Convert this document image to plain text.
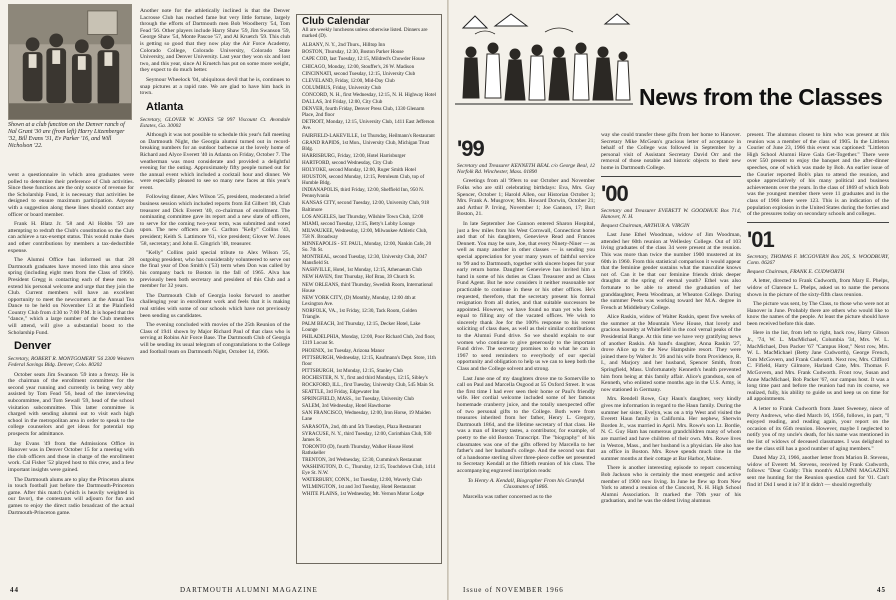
Shown at a club function on the Denver ranch of Nal Grant '30 are (from left) Harry Litzenberger '32, Bill Evans '31, Ev Parker '16, and Will Nicholson '22.

went a questionnaire in which area graduates were polled to determine their preference of Club activities. Since these functions are the only source of revenue for the Scholarship Fund, it is necessary that activities be designed to ensure maximum participation. Anyone with a suggestion along these lines should contact any officer or board member.

Frank H. Blatz Jr. '58 and Al Hobbs '59 are attempting to redraft the Club's constitution so the Club can achieve a tax-exempt status. This would make dues and other contributions by members a tax-deductible expense.

The Alumni Office has informed us that 28 Dartmouth graduates have moved into this area since spring (including eight men from the Class of 1966). President Gregg is contacting each of these men to extend his personal welcome and urge that they join the Club. Current members will have an excellent opportunity to meet the newcomers at the Annual Tea Dance to be held on November 13 at the Plainfield Country Club from 4:30 to 7:00 P.M. It is hoped that the "dance," which a large number of the Club members will attend, will give a substantial boost to the Scholarship Fund.

Denver

Secretary, ROBERT R. MONTGOMERY '56 2300 Western Federal Savings Bldg. Denver, Colo. 80202

October seats Jim Swanson '59 into a frenzy. He is the chairman of the enrollment committee for the second year running and currently is being very ably assisted by Tom Fead '56, head of the interviewing subcommittee, and Tom Sewall '59, head of the school visitation subcommittee. This latter committee is charged with sending alumni out to visit each high school in the metropolitan area in order to speak to the college counselors and get ideas for potential top prospects for admittance.

Jay Evans '49 from the Admissions Office in Hanover was in Denver October 15 for a meeting with the club officers and those in charge of the enrollment work. Cal Fisher '52 played host to this crew, and a few important insights were gained.

The Dartmouth alums are to play the Princeton alums in touch football just before the Dartmouth-Princeton game. After this match (which is heavily weighted in our favor), the contestants will adjourn for fun and games to enjoy the direct radio broadcast of the actual Dartmouth-Princeton game.

Another note for the athletically inclined is that the Denver Lacrosse Club has reached fame but very little fortune, largely through the efforts of Dartmouth men Bob Woodberry '54, Tom Fead '56. Other players include Harry Shaw '59, Jim Swanson '59, George Shaw '54, Monte Pascoe '57, and Al Kruetch '59. This club is getting so good that they now play the Air Force Academy, Colorado College, Colorado University, Colorado State University, and Denver University. Last year they won six and lost two, and this year, since Al Kruetch has put on some more weight, they expect to do much better.

Seymour Wheelock '04, ubiquitous devil that he is, continues to snap pictures at a rapid rate. We are glad to have him back in town.

Atlanta

Secretary, GLOVER W. JONES '58 997 Viscount Ct. Avondale Estates, Ga. 30002

Although it was not possible to schedule this year's fall meeting on Dartmouth Night, the Georgia alumni turned out in record-breaking numbers for an outdoor barbecue at the lovely home of Richard and Alyce Everett '40 in Atlanta on Friday, October 7. The weatherman was most considerate and provided a delightful evening for the outing. Approximately fifty people turned out for the annual event which included a cocktail hour and dinner. We were especially pleased to see so many new faces at this year's event.

Following dinner, Alex Wilson '25, president, moderated a brief business session which included reports from Ed Gilbert '48, Club treasurer and Dick Everett '40, co-chairman of enrollment. The nominating committee gave its report and a new slate of officers, to serve for the coming two-year term, was submitted and voted upon. The new officers are G. Carlton "Kelly" Collins '43, president; Keith S. Lattimore '61, vice president; Glover W. Jones '58, secretary; and John E. Gingrich '48, treasurer.

"Kelly" Collins paid special tribute to Alex Wilson '25, outgoing president, who has considerably volunteered to serve out the final year of Don Smith's ('53) term when Don was called by his company back to Boston in the fall of 1965. Alva has previously been both secretary and president of this Club and a member for 32 years.

The Dartmouth Club of Georgia looks forward to another challenging year in enrollment work and feels that it is making real strides with some of our schools which have not previously been sending us candidates.

The evening concluded with movies of the 25th Reunion of the Class of 1941 shown by Major Richard Paul of that class who is serving at Robins Air Force Base. The Dartmouth Club of Georgia will be sending its usual telegram of congratulations to the College and football team on Dartmouth Night, October 14, 1966.

Club Calendar
All are weekly luncheons unless otherwise listed. Dinners are marked (D).
ALBANY, N. Y., 2nd Thurs., Hilltop Inn
BOSTON, Thursday, 12:30, Boston Parker House
CAPE COD, last Tuesday, 12:15, Mildred's Chowder House
CHICAGO, Monday, 12:00, Stouffer's, 26 W. Madison
CINCINNATI, second Tuesday, 12:15, University Club
CLEVELAND, Friday, 12:00, Mid-Day Club
COLUMBUS, Friday, University Club
CONCORD, N. H., first Wednesday, 12:15, N. H. Highway Hotel
DALLAS, 3rd Friday, 12:00, City Club
DENVER, fourth Friday, Denver Press Club, 1330 Glenarm Place, 2nd floor
DETROIT, Monday, 12:15, University Club, 1411 East Jefferson Ave.
FAIRFIELD-LAKEVILLE, 1st Thursday, Heilmann's Restaurant
GRAND RAPIDS, 1st Mon., University Club, Michigan Trust Bldg.
HARRISBURG, Friday, 12:00, Hotel Harrisburger
HARTFORD, second Wednesday, City Club
HOLYOKE, second Monday, 12:00, Roger Smith Hotel
HOUSTON, second Monday, 12:15, Petroleum Club, top of Humble Bldg.
INDIANAPOLIS, third Friday, 12:00, Sheffield Inn, 950 N. Pennsylvania
KANSAS CITY, second Tuesday, 12:00, University Club, 918 Baltimore
LOS ANGELES, last Thursday, Wilshire Town Club, 12:00
MIAMI, second Tuesday, 12:15, Betty's Lobby Lounge
MILWAUKEE, Wednesday, 12:00, Milwaukee Athletic Club, 758 N. Broadway
MINNEAPOLIS - ST. PAUL, Monday, 12:00, Nankin Cafe, 20 So. 7th St.
MONTREAL, second Tuesday, 12:30, University Club, 2047 Mansfield St.
NASHVILLE, Hotel, 1st Monday, 12:15, Athenaeum Club
NEW HAVEN, first Thursday, Hof Brau, 39 Church St.
NEW ORLEANS, third Thursday, Swedish Room, International House
NEW YORK CITY, (D) Monthly, Monday, 12:00 4th at Lexington Ave.
NORFOLK, VA., 1st Friday, 12:30, Tack Room, Golden Triangle.
PALM BEACH, 3rd Thursday, 12:15, Decker Hotel, Lake Lounge
PHILADELPHIA, Monday, 12:00, Poor Richard Club, 2nd floor, 1319 Locust St.
PHOENIX, 1st Tuesday, Arizona Manor
PITTSBURGH, Wednesday, 12:15, Kaufmann's Dept. Store, 11th floor
PITTSBURGH, 1st Monday, 12:15, Stanley Club
ROCHESTER, N. Y., first and third Mondays, 12:15, Sibley's
ROCKFORD, ILL., first Tuesday, University Club, 545 Main St.
SEATTLE, 3rd Friday, Edgewater Inn
SPRINGFIELD, MASS., 1st Tuesday, University Club
SALEM, 3rd Wednesday, Hotel Hawthorne
SAN FRANCISCO, Wednesday, 12:00, Iron Horse, 19 Maiden Lane
SARASOTA, 2nd, 4th and 5th Tuesdays, Plaza Restaurant
SYRACUSE, N. Y., third Tuesday, 12:00, Corinthian Club, 930 James St.
TORONTO (D), fourth Thursday, Walker House Hotel Rathskeller
TRENTON, 3rd Wednesday, 12:30, Cummins's Restaurant
WASHINGTON, D. C., Thursday, 12:15, Touchdown Club, 1414 Eye St. N.W.
WATERBURY, CONN., 1st Tuesday, 12:00, Waverly Club
WILMINGTON, 1st and 3rd Tuesday, Hotel Restaurant
WHITE PLAINS, 1st Wednesday, Mt. Vernon Motor Lodge
44	DARTMOUTH ALUMNI MAGAZINE
News from the Classes

'99

Secretary and Treasurer KENNETH BEAL c/o George Beal, 12 Norfolk Rd. Winchester, Mass. 01890

Greetings from all '99ers to our October and November Folks who are still celebrating birthdays: Eva, Mrs. Guy Spencer, October 1; Harold Allen, our Historian October 3; Mrs. Frank A. Musgrove; Mrs. Howard Dorwin, October 21; and Arthur P. Irving, November 1; Joe Gannon, 17; Burt Boston, 21.

In late September Joe Gannon entered Sharon Hospital, just a few miles from his West Cornwall, Connecticut home and that of his daughters, Genevieve Read and Frances Dennett. You may be sure, Joe, that every Ninety-Niner — as well as many another in other classes — is sending you special appreciation for your many years of faithful service to '99 and to Dartmouth, together with sincere hopes for your early return home. Daughter Genevieve has invited him a hand in some of his duties as Class Treasurer and as Class Fund Agent. But he now considers it neither reasonable nor practicable to continue in these or his other offices. He's requested, therefore, that the secretary present his formal resignation from all duties, and that suitable successors be appointed. However, we have found no man yet who feels equal to filling any of the vacated offices. We wish to sincerely thank Joe for the 100% response to his recent soliciting of class dues, as well as their similar contributions to the Alumni Fund drive. So we should explain to our women who continue to give generously to the important Fund drive. The secretary promises to do what he can in 1967 to send reminders to everybody of our special opportunity and obligation to help us we can to keep both the Class and the College solvent and strong.

Last June one of my daughters drove me to Somerville to call on Paul and Marcella Osgood at 55 Oxford Street. It was the first time I had ever seen their home or Paul's friendly wife. Her cordial welcome included some of her famous homemade cranberry juice, and the totally unexpected offer of two personal gifts to the College. Both were from treasures inherited from her father, Henry L. Gregory, Dartmouth 1864, and the lifetime secretary of that class. He was a man of literary tastes, a contributor, for example, of poetry to the old Boston Transcript. The "biography" of his classmates was one of the gifts offered by Marcella to her father's and her husband's college. And the second was that of a handsome sterling silver three-piece coffee set presented to Secretary Kendall at the fiftieth reunion of his class. The accompanying engraved inscription reads:

To Henry A. Kendall, Biographer From his Grateful Classmates of 1866.

Marcella was rather concerned as to the

way she could transfer these gifts from her home to Hanover. Secretary Mike McGean's gracious letter of acceptance in behalf of the College was followed in September by a personal visit of Assistant Secretary David Orr and the removal of those notable and historic objects to their new home in Dartmouth College.

'00

Secretary and Treasurer EVERETT W. GOODHUE Box 714, Hanover, N. H.

Bequest Chairman, ARTHUR A. VIRGIN

Last June Ethel Woodman, widow of Jim Woodman, attended her 60th reunion at Wellesley College. Out of 103 living graduates of the class 34 were present at the reunion. This was more than twice the number 1900 mustered at its 60th in 1960. From this statistical comparison it would appear that the feminine gender sustains what the masculine knows not of. Can it be that our feminine friends drink deeper draughts at the spring of eternal youth? Ethel was also fortunate to be able to attend the graduation of her granddaughter, Peeta Woodman, at Wheaton College. During the summer Peeta was working toward her M.A. degree in French at Middlebury College.

Alice Raskin, widow of Walter Raskin, spent five weeks of the summer at the Mountain View House, that lovely and gracious hostelry at Whitefield in the cool vernal peaks of the Presidential Range. At this time we have very gratifying news of another Raskin. Ab hand's daughter, Anna Raskin '27, drove Alice up to the New Hampshire resort. They were joined there by Walter Jr. '26 and his wife from Providence, R. I., and Marjory and her husband, Spencer Smith, from Springfield, Mass. Unfortunately Kenneth's health prevented him from being at this family affair. Alice's grandson, son of Kenneth, who enlisted some months ago in the U.S. Army, is now stationed in Germany.

Mrs. Rendell Rowe, Guy Haun's daughter, very kindly gives me information in regard to the Haun family. During the summer her sister, Evelyn, was on a trip West and visited the Everett Haun family in California. Her nephew, Sherwin Borden Jr., was married in April. Mrs. Rowe's son Lt. Bordie, N. C. Guy Ham has numerous grandchildren many of whom are married and have children of their own. Mrs. Rowe lives in Weston, Mass., and her husband is a physician. He also has an office in Boston. Mrs. Rowe spends much time in the summer months at their cottage at Bar Harbor, Maine.

There is another interesting episode to report concerning Bob Jackson who is certainly the most energetic and active member of 1900 now living. In June he flew up from New York to attend a reunion of the Concord, N. H. High School Alumni Association. It marked the 70th year of his graduation, and he was the oldest living alumnus

present. The alumnus closest to him who was present at this reunion was a member of the class of 1905. In the Littleton Courier of June 23, 1966 this event was captioned: "Littleton High School Alumni Have Gala Get-Together." There were over 550 present to enjoy the banquet and the after-dinner speeches, one of which was made by Bob. An earlier issue of the Courier reported Bob's plan to attend the reunion, and spoke appreciatively of his many political and business achievements over the years. In the class of 1869 of which Bob was the youngest member there were 11 graduates and in the class of 1966 there were 123. This is an indication of the population explosion in the United States during the forties and of the pressures today on secondary schools and colleges.

'01

Secretary, THOMAS F. MCGOVERN Box 205, S. WOODBURY, Conn. 06267

Bequest Chairman, FRANK E. CUDWORTH

A letter, directed to Frank Cudworth, from Mary E. Phelps, widow of Clarence L. Phelps, asked us to name the persons shown in the picture of the sixty-fifth class reunion.

The picture was sent, by The Class, to those who were not at Hanover in June. Probably there are others who would like to know the names of the people. At least the picture should have been received before this date.

Here in the list, from left to right, back row, Harry Gibson Jr., '74, W. L. MacMichael, Columbia '34, Mrs. W. L. MacMichael, Don Packer '67 "Campus Host," Next row, Mrs. W. L. MacMichael (Betty Jane Cudworth), George French, Tom McGovern, and Frank Cudworth. Next row, Mrs. Clifford C. Fifield, Harry Gilmore, Harland Cate, Mrs. Thomas F. McGovern, and Mrs. Frank Cudworth. Front row, Susan and Anne MacMichael, Bob Packer '67, our campus host. It was a long time past and before the reunion had run its course, we realized, fully, his ability to guide us and keep us on time for all appointments.

A letter to Frank Cudworth from Janet Sweeney, niece of Perry Andrews, who died March 16, 1956, follows, in part, "I enjoyed reading, and reading again, your report on the occasion of its 65th reunion. However, maybe I neglected to notify you of my uncle's death, for his name was mentioned in the list of widows of deceased classmates. I was delighted to see the class still has a good number of aging members."

Dated May 23, 1966, another letter from Marion B. Stevens, widow of Everett M. Stevens, received by Frank Cudworth, follows: "Dear Cuddy: This month's ALUMNI MAGAZINE sent me hunting for the Reunion question card for '01. Can't find it! Did I send it in? If it didn't — should regretfully

Issue of NOVEMBER 1966	45
